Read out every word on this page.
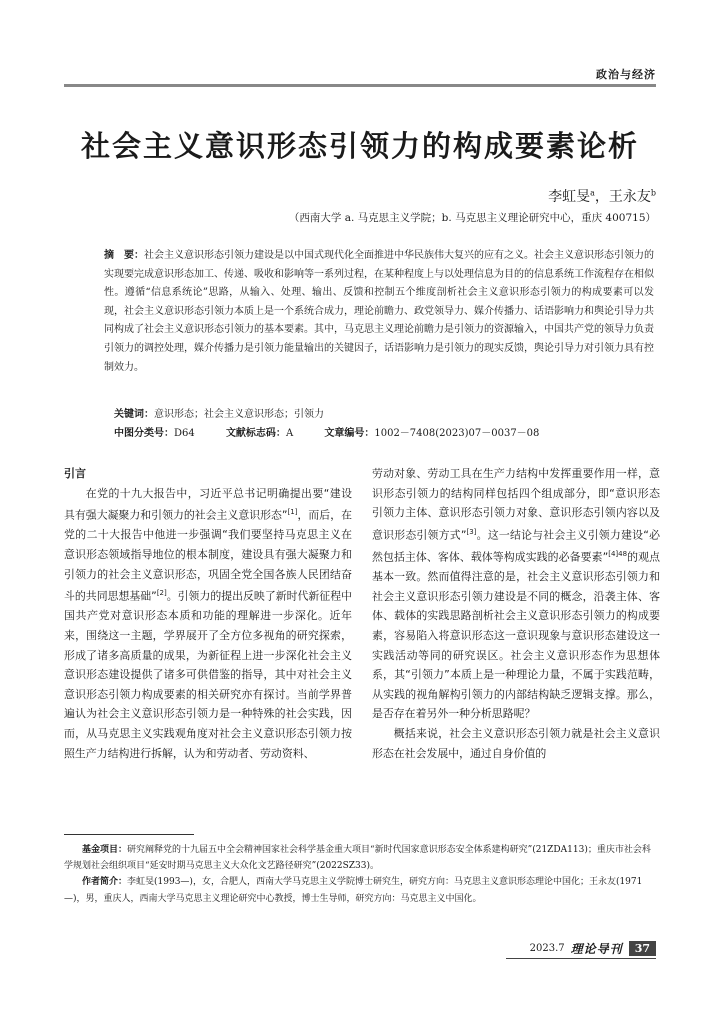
政治与经济
社会主义意识形态引领力的构成要素论析
李虹旻$^a$，王永友$^b$
（西南大学 a. 马克思主义学院；b. 马克思主义理论研究中心，重庆 400715）
摘　要：社会主义意识形态引领力建设是以中国式现代化全面推进中华民族伟大复兴的应有之义。社会主义意识形态引领力的实现要完成意识形态加工、传递、吸收和影响等一系列过程，在某种程度上与以处理信息为目的的信息系统工作流程存在相似性。遵循“信息系统论”思路，从输入、处理、输出、反馈和控制五个维度剖析社会主义意识形态引领力的构成要素可以发现，社会主义意识形态引领力本质上是一个系统合成力，理论前瞻力、政党领导力、媒介传播力、话语影响力和舆论引导力共同构成了社会主义意识形态引领力的基本要素。其中，马克思主义理论前瞻力是引领力的资源输入，中国共产党的领导力负责引领力的调控处理，媒介传播力是引领力能量输出的关键因子，话语影响力是引领力的现实反馈，舆论引导力对引领力具有控制效力。
关键词：意识形态；社会主义意识形态；引领力
中图分类号：D64	文献标志码：A	文章编号：1002－7408(2023)07－0037－08
引言

在党的十九大报告中，习近平总书记明确提出要“建设具有强大凝聚力和引领力的社会主义意识形态”[1]，而后，在党的二十大报告中他进一步强调“我们要坚持马克思主义在意识形态领域指导地位的根本制度，建设具有强大凝聚力和引领力的社会主义意识形态，巩固全党全国各族人民团结奋斗的共同思想基础”[2]。引领力的提出反映了新时代新征程中国共产党对意识形态本质和功能的理解进一步深化。近年来，围绕这一主题，学界展开了全方位多视角的研究探索，形成了诸多高质量的成果，为新征程上进一步深化社会主义意识形态建设提供了诸多可供借鉴的指导，其中对社会主义意识形态引领力构成要素的相关研究亦有探讨。当前学界普遍认为社会主义意识形态引领力是一种特殊的社会实践，因而，从马克思主义实践观角度对社会主义意识形态引领力按照生产力结构进行拆解，认为和劳动者、劳动资料、

劳动对象、劳动工具在生产力结构中发挥重要作用一样，意识形态引领力的结构同样包括四个组成部分，即“意识形态引领力主体、意识形态引领力对象、意识形态引领内容以及意识形态引领方式”[3]。这一结论与社会主义引领力建设“必然包括主体、客体、载体等构成实践的必备要素”$^{[4]48}$的观点基本一致。然而值得注意的是，社会主义意识形态引领力和社会主义意识形态引领力建设是不同的概念，沿袭主体、客体、载体的实践思路剖析社会主义意识形态引领力的构成要素，容易陷入将意识形态这一意识现象与意识形态建设这一实践活动等同的研究误区。社会主义意识形态作为思想体系，其“引领力”本质上是一种理论力量，不属于实践范畴，从实践的视角解构引领力的内部结构缺乏逻辑支撑。那么，是否存在着另外一种分析思路呢？

概括来说，社会主义意识形态引领力就是社会主义意识形态在社会发展中，通过自身价值的

基金项目：研究阐释党的十九届五中全会精神国家社会科学基金重大项目“新时代国家意识形态安全体系建构研究”(21ZDA113)；重庆市社会科学规划社会组织项目“延安时期马克思主义大众化文艺路径研究”(2022SZ33)。

作者简介：李虹旻(1993—)，女，合肥人，西南大学马克思主义学院博士研究生，研究方向：马克思主义意识形态理论中国化；王永友(1971—)，男，重庆人，西南大学马克思主义理论研究中心教授，博士生导师，研究方向：马克思主义中国化。

2023.7 理论导刊	37
